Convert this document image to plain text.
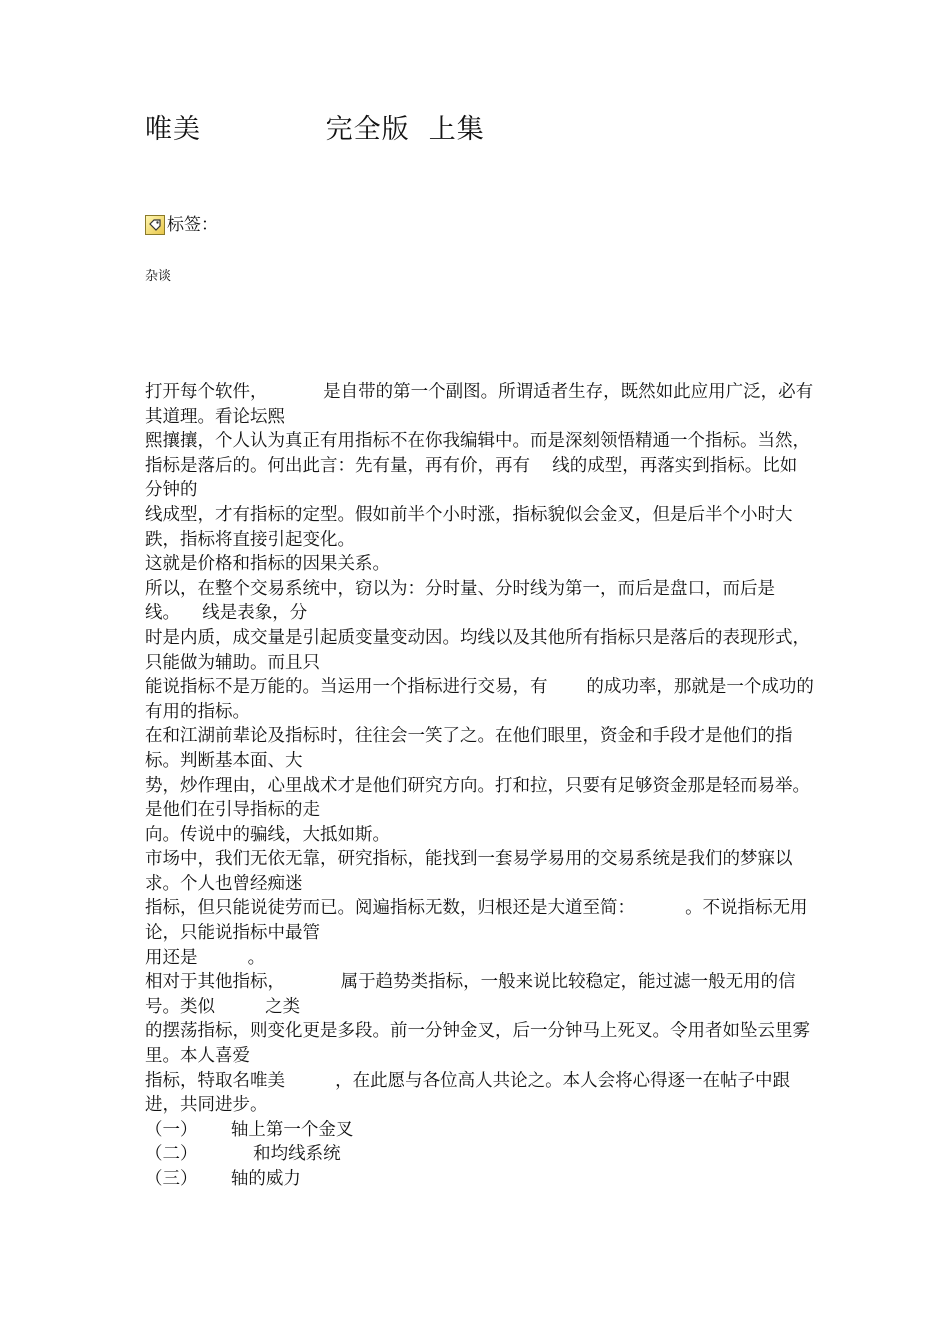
唯美             完全版  上集
标签：
杂谈

打开每个软件，          是自带的第一个副图。所谓适者生存，既然如此应用广泛，必有其道理。看论坛熙

熙攘攘，个人认为真正有用指标不在你我编辑中。而是深刻领悟精通一个指标。当然，指标是落后的。何出此言：先有量，再有价，再有    线的成型，再落实到指标。比如       分钟的

线成型，才有指标的定型。假如前半个小时涨，指标貌似会金叉，但是后半个小时大跌，指标将直接引起变化。

这就是价格和指标的因果关系。

所以，在整个交易系统中，窃以为：分时量、分时线为第一，而后是盘口，而后是    线。    线是表象，分

时是内质，成交量是引起质变量变动因。均线以及其他所有指标只是落后的表现形式，只能做为辅助。而且只

能说指标不是万能的。当运用一个指标进行交易，有       的成功率，那就是一个成功的有用的指标。

在和江湖前辈论及指标时，往往会一笑了之。在他们眼里，资金和手段才是他们的指标。判断基本面、大

势，炒作理由，心里战术才是他们研究方向。打和拉，只要有足够资金那是轻而易举。是他们在引导指标的走

向。传说中的骗线，大抵如斯。

市场中，我们无依无靠，研究指标，能找到一套易学易用的交易系统是我们的梦寐以求。个人也曾经痴迷

指标，但只能说徒劳而已。阅遍指标无数，归根还是大道至简：         。不说指标无用论，只能说指标中最管

用还是         。

相对于其他指标，          属于趋势类指标，一般来说比较稳定，能过滤一般无用的信号。类似         之类

的摆荡指标，则变化更是多段。前一分钟金叉，后一分钟马上死叉。令用者如坠云里雾里。本人喜爱

指标，特取名唯美         ，在此愿与各位高人共论之。本人会将心得逐一在帖子中跟进，共同进步。

（一）      轴上第一个金叉
（二）          和均线系统
（三）      轴的威力
